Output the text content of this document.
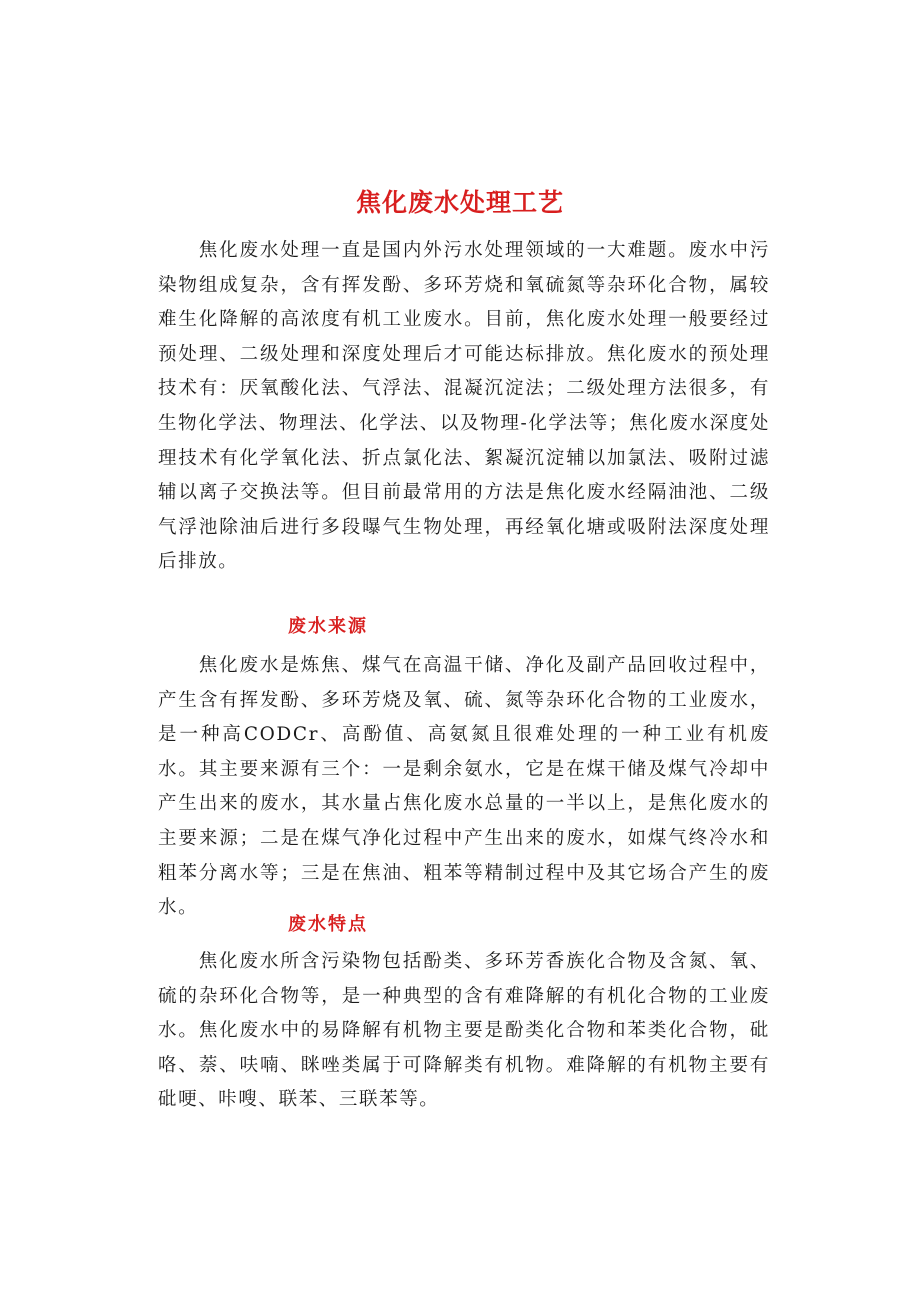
焦化废水处理工艺

焦化废水处理一直是国内外污水处理领域的一大难题。废水中污染物组成复杂，含有挥发酚、多环芳烧和氧硫氮等杂环化合物，属较难生化降解的高浓度有机工业废水。目前，焦化废水处理一般要经过预处理、二级处理和深度处理后才可能达标排放。焦化废水的预处理技术有：厌氧酸化法、气浮法、混凝沉淀法；二级处理方法很多，有生物化学法、物理法、化学法、以及物理-化学法等；焦化废水深度处理技术有化学氧化法、折点氯化法、絮凝沉淀辅以加氯法、吸附过滤辅以离子交换法等。但目前最常用的方法是焦化废水经隔油池、二级气浮池除油后进行多段曝气生物处理，再经氧化塘或吸附法深度处理后排放。

废水来源

焦化废水是炼焦、煤气在高温干储、净化及副产品回收过程中，产生含有挥发酚、多环芳烧及氧、硫、氮等杂环化合物的工业废水，是一种高CODCr、高酚值、高氨氮且很难处理的一种工业有机废水。其主要来源有三个：一是剩余氨水，它是在煤干储及煤气冷却中产生出来的废水，其水量占焦化废水总量的一半以上，是焦化废水的主要来源；二是在煤气净化过程中产生出来的废水，如煤气终冷水和粗苯分离水等；三是在焦油、粗苯等精制过程中及其它场合产生的废水。

废水特点

焦化废水所含污染物包括酚类、多环芳香族化合物及含氮、氧、硫的杂环化合物等，是一种典型的含有难降解的有机化合物的工业废水。焦化废水中的易降解有机物主要是酚类化合物和苯类化合物，砒咯、萘、呋喃、眯唑类属于可降解类有机物。难降解的有机物主要有砒哽、咔嗖、联苯、三联苯等。
